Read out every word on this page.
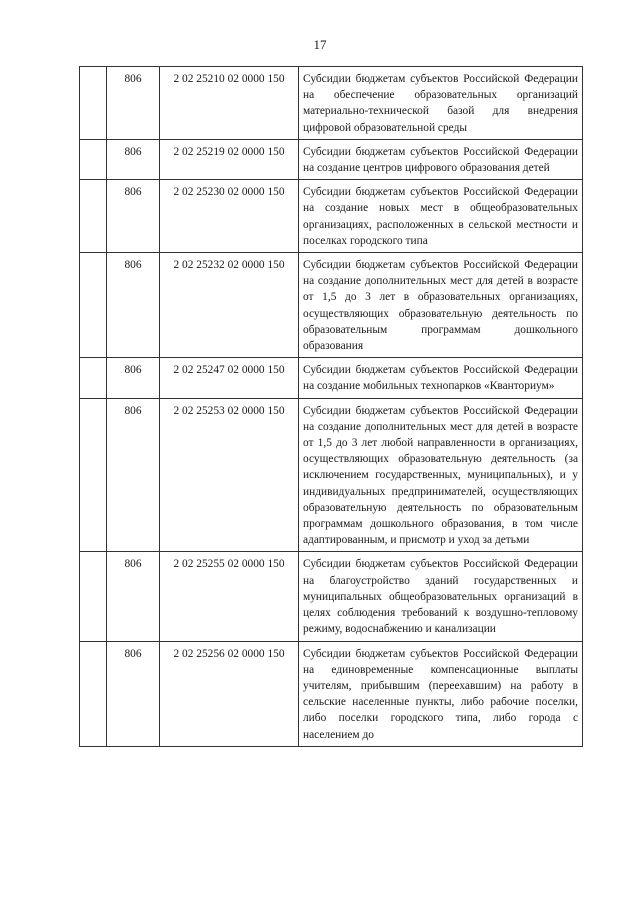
17
	806	2 02 25210 02 0000 150	Субсидии бюджетам субъектов Российской Федерации на обеспечение образовательных организаций материально-технической базой для внедрения цифровой образовательной среды
	806	2 02 25219 02 0000 150	Субсидии бюджетам субъектов Российской Федерации на создание центров цифрового образования детей
	806	2 02 25230 02 0000 150	Субсидии бюджетам субъектов Российской Федерации на создание новых мест в общеобразовательных организациях, расположенных в сельской местности и поселках городского типа
	806	2 02 25232 02 0000 150	Субсидии бюджетам субъектов Российской Федерации на создание дополнительных мест для детей в возрасте от 1,5 до 3 лет в образовательных организациях, осуществляющих образовательную деятельность по образовательным программам дошкольного образования
	806	2 02 25247 02 0000 150	Субсидии бюджетам субъектов Российской Федерации на создание мобильных технопарков «Кванториум»
	806	2 02 25253 02 0000 150	Субсидии бюджетам субъектов Российской Федерации на создание дополнительных мест для детей в возрасте от 1,5 до 3 лет любой направленности в организациях, осуществляющих образовательную деятельность (за исключением государственных, муниципальных), и у индивидуальных предпринимателей, осуществляющих образовательную деятельность по образовательным программам дошкольного образования, в том числе адаптированным, и присмотр и уход за детьми
	806	2 02 25255 02 0000 150	Субсидии бюджетам субъектов Российской Федерации на благоустройство зданий государственных и муниципальных общеобразовательных организаций в целях соблюдения требований к воздушно-тепловому режиму, водоснабжению и канализации
	806	2 02 25256 02 0000 150	Субсидии бюджетам субъектов Российской Федерации на единовременные компенсационные выплаты учителям, прибывшим (переехавшим) на работу в сельские населенные пункты, либо рабочие поселки, либо поселки городского типа, либо города с населением до
